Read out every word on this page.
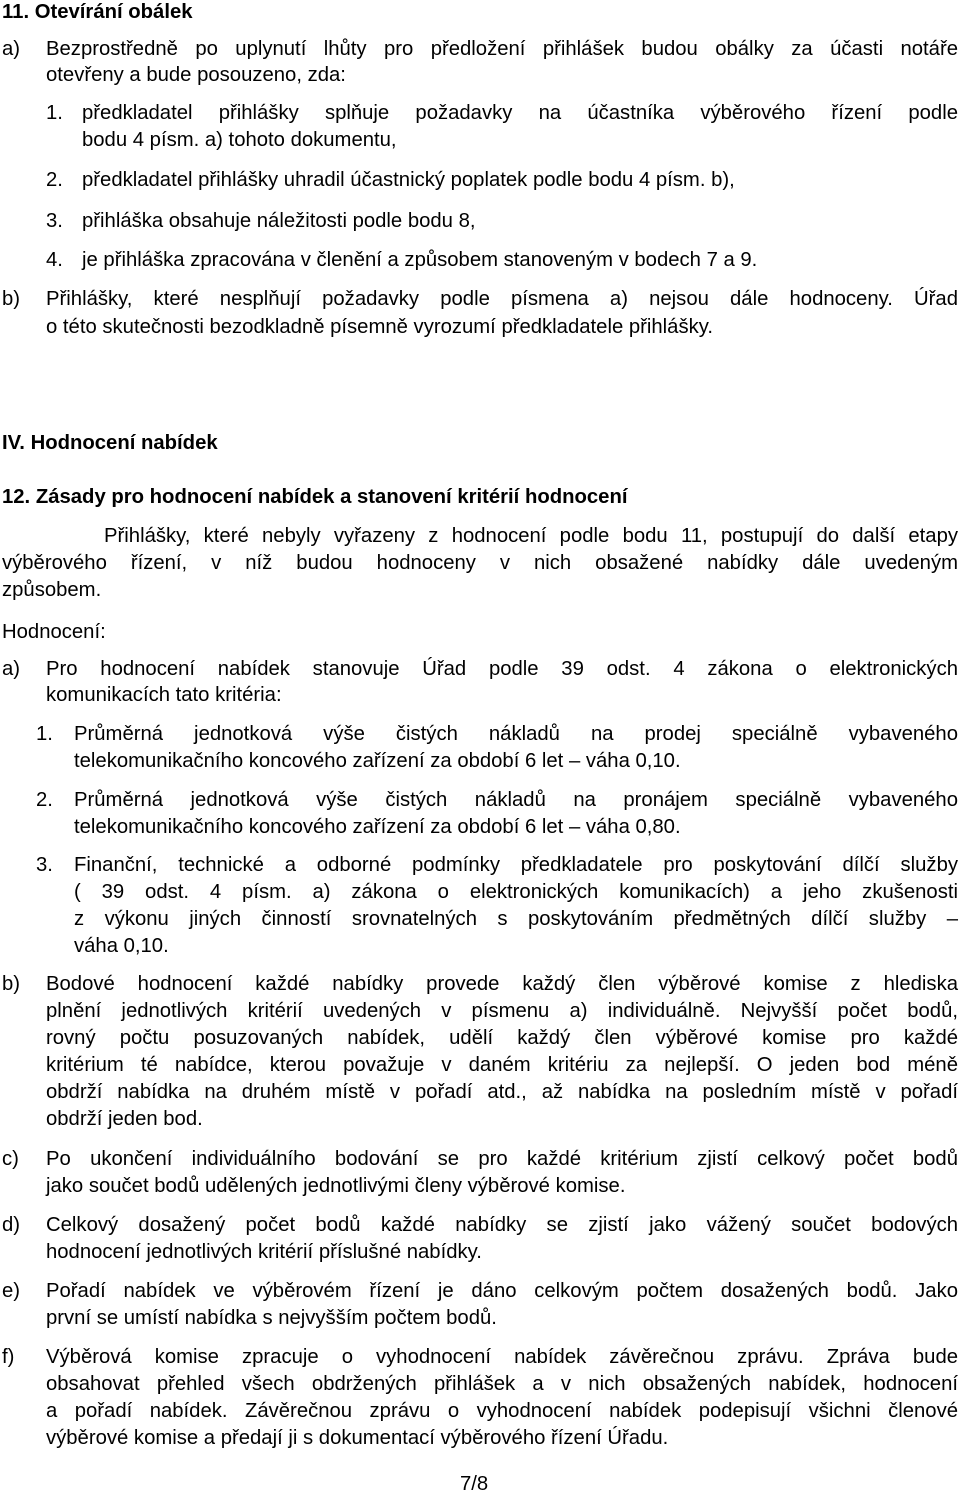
11. Otevírání obálek
a) Bezprostředně po uplynutí lhůty pro předložení přihlášek budou obálky za účasti notáře
otevřeny a bude posouzeno, zda:
1. předkladatel přihlášky splňuje požadavky na účastníka výběrového řízení podle
bodu 4 písm. a) tohoto dokumentu,
2. předkladatel přihlášky uhradil účastnický poplatek podle bodu 4 písm. b),
3. přihláška obsahuje náležitosti podle bodu 8,
4. je přihláška zpracována v členění a způsobem stanoveným v bodech 7 a 9.
b) Přihlášky, které nesplňují požadavky podle písmena a) nejsou dále hodnoceny. Úřad
o této skutečnosti bezodkladně písemně vyrozumí předkladatele přihlášky.
IV. Hodnocení nabídek
12. Zásady pro hodnocení nabídek a stanovení kritérií hodnocení
Přihlášky, které nebyly vyřazeny z hodnocení podle bodu 11, postupují do další etapy
výběrového řízení, v níž budou hodnoceny v nich obsažené nabídky dále uvedeným
způsobem.
Hodnocení:
a) Pro hodnocení nabídek stanovuje Úřad podle 39 odst. 4 zákona o elektronických
komunikacích tato kritéria:
1. Průměrná jednotková výše čistých nákladů na prodej speciálně vybaveného
telekomunikačního koncového zařízení za období 6 let – váha 0,10.
2. Průměrná jednotková výše čistých nákladů na pronájem speciálně vybaveného
telekomunikačního koncového zařízení za období 6 let – váha 0,80.
3. Finanční, technické a odborné podmínky předkladatele pro poskytování dílčí služby
( 39 odst. 4 písm. a) zákona o elektronických komunikacích) a jeho zkušenosti
z výkonu jiných činností srovnatelných s poskytováním předmětných dílčí služby –
váha 0,10.
b) Bodové hodnocení každé nabídky provede každý člen výběrové komise z hlediska
plnění jednotlivých kritérií uvedených v písmenu a) individuálně. Nejvyšší počet bodů,
rovný počtu posuzovaných nabídek, udělí každý člen výběrové komise pro každé
kritérium té nabídce, kterou považuje v daném kritériu za nejlepší. O jeden bod méně
obdrží nabídka na druhém místě v pořadí atd., až nabídka na posledním místě v pořadí
obdrží jeden bod.
c) Po ukončení individuálního bodování se pro každé kritérium zjistí celkový počet bodů
jako součet bodů udělených jednotlivými členy výběrové komise.
d) Celkový dosažený počet bodů každé nabídky se zjistí jako vážený součet bodových
hodnocení jednotlivých kritérií příslušné nabídky.
e) Pořadí nabídek ve výběrovém řízení je dáno celkovým počtem dosažených bodů. Jako
první se umístí nabídka s nejvyšším počtem bodů.
f) Výběrová komise zpracuje o vyhodnocení nabídek závěrečnou zprávu. Zpráva bude
obsahovat přehled všech obdržených přihlášek a v nich obsažených nabídek, hodnocení
a pořadí nabídek. Závěrečnou zprávu o vyhodnocení nabídek podepisují všichni členové
výběrové komise a předají ji s dokumentací výběrového řízení Úřadu.
7/8
